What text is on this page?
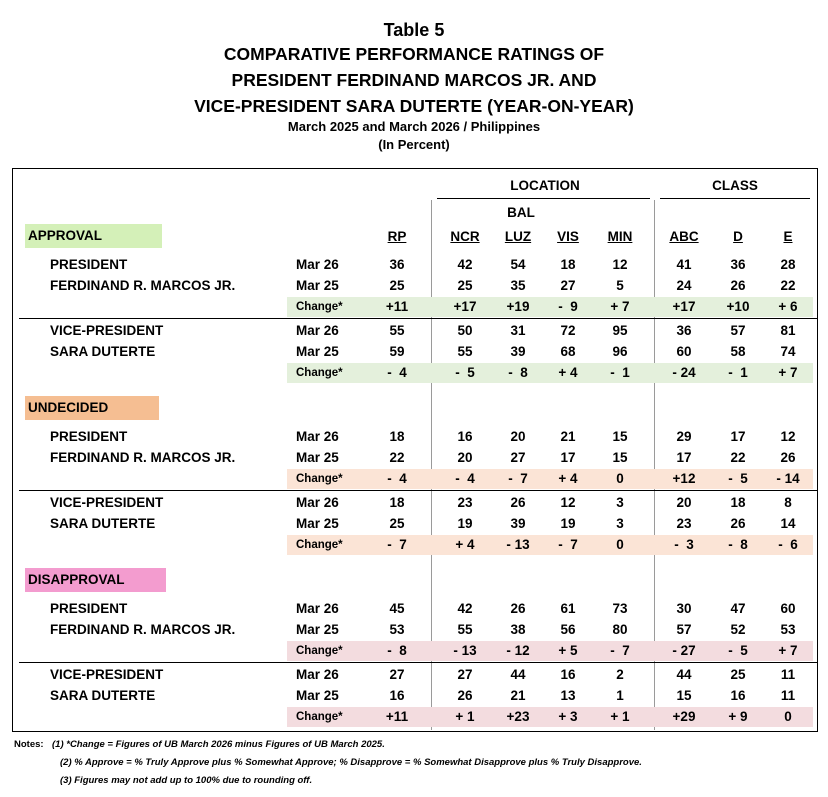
Table 5
COMPARATIVE PERFORMANCE RATINGS OF
PRESIDENT FERDINAND MARCOS JR. AND
VICE-PRESIDENT SARA DUTERTE (YEAR-ON-YEAR)
March 2025 and March 2026 / Philippines
(In Percent)
LOCATION	CLASS
BAL
RP	NCR	LUZ	VIS	MIN	ABC	D	E
APPROVAL
PRESIDENT
FERDINAND R. MARCOS JR.
Mar 26	36	42	54	18	12	41	36	28
Mar 25	25	25	35	27	5	24	26	22
Change*	+11	+17	+19	-  9	+ 7	+17	+10	+ 6
VICE-PRESIDENT
SARA DUTERTE
Mar 26	55	50	31	72	95	36	57	81
Mar 25	59	55	39	68	96	60	58	74
Change*	-  4	-  5	-  8	+ 4	-  1	- 24	-  1	+ 7
UNDECIDED
PRESIDENT
FERDINAND R. MARCOS JR.
Mar 26	18	16	20	21	15	29	17	12
Mar 25	22	20	27	17	15	17	22	26
Change*	-  4	-  4	-  7	+ 4	0	+12	-  5	- 14
VICE-PRESIDENT
SARA DUTERTE
Mar 26	18	23	26	12	3	20	18	8
Mar 25	25	19	39	19	3	23	26	14
Change*	-  7	+ 4	- 13	-  7	0	-  3	-  8	-  6
DISAPPROVAL
PRESIDENT
FERDINAND R. MARCOS JR.
Mar 26	45	42	26	61	73	30	47	60
Mar 25	53	55	38	56	80	57	52	53
Change*	-  8	- 13	- 12	+ 5	-  7	- 27	-  5	+ 7
VICE-PRESIDENT
SARA DUTERTE
Mar 26	27	27	44	16	2	44	25	11
Mar 25	16	26	21	13	1	15	16	11
Change*	+11	+ 1	+23	+ 3	+ 1	+29	+ 9	0
Notes: (1) *Change = Figures of UB March 2026 minus Figures of UB March 2025.
(2) % Approve = % Truly Approve plus % Somewhat Approve; % Disapprove = % Somewhat Disapprove plus % Truly Disapprove.
(3) Figures may not add up to 100% due to rounding off.
